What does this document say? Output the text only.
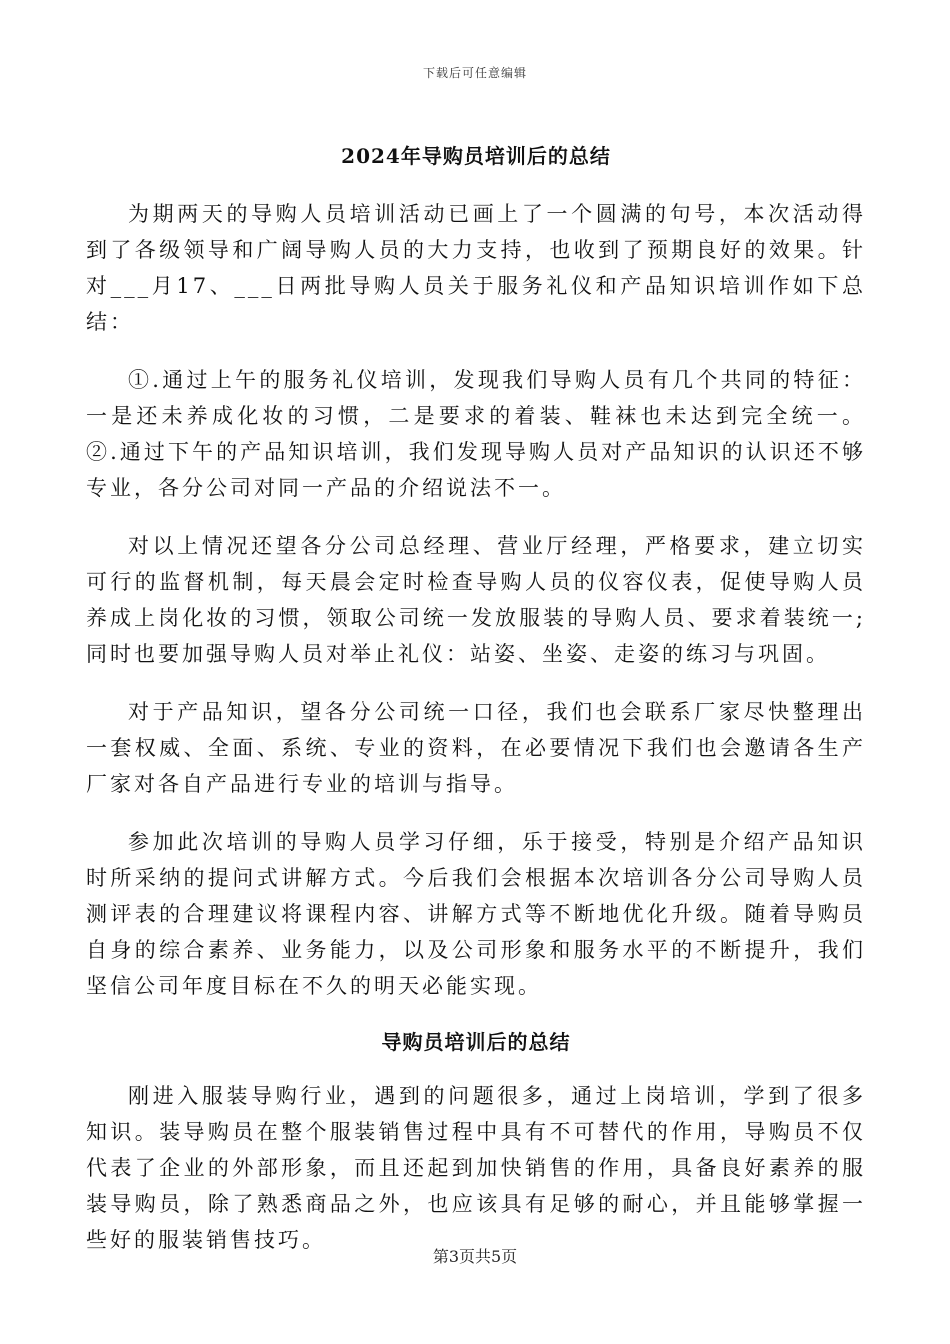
下载后可任意编辑
2024年导购员培训后的总结

为期两天的导购人员培训活动已画上了一个圆满的句号，本次活动得到了各级领导和广阔导购人员的大力支持，也收到了预期良好的效果。针对___月17、___日两批导购人员关于服务礼仪和产品知识培训作如下总结：

①.通过上午的服务礼仪培训，发现我们导购人员有几个共同的特征：一是还未养成化妆的习惯，二是要求的着装、鞋袜也未达到完全统一。 ②.通过下午的产品知识培训，我们发现导购人员对产品知识的认识还不够专业，各分公司对同一产品的介绍说法不一。

对以上情况还望各分公司总经理、营业厅经理，严格要求，建立切实可行的监督机制，每天晨会定时检查导购人员的仪容仪表，促使导购人员养成上岗化妆的习惯，领取公司统一发放服装的导购人员、要求着装统一;同时也要加强导购人员对举止礼仪：站姿、坐姿、走姿的练习与巩固。

对于产品知识，望各分公司统一口径，我们也会联系厂家尽快整理出一套权威、全面、系统、专业的资料，在必要情况下我们也会邀请各生产厂家对各自产品进行专业的培训与指导。

参加此次培训的导购人员学习仔细，乐于接受，特别是介绍产品知识时所采纳的提问式讲解方式。今后我们会根据本次培训各分公司导购人员测评表的合理建议将课程内容、讲解方式等不断地优化升级。随着导购员自身的综合素养、业务能力，以及公司形象和服务水平的不断提升，我们坚信公司年度目标在不久的明天必能实现。

导购员培训后的总结

刚进入服装导购行业，遇到的问题很多，通过上岗培训，学到了很多知识。装导购员在整个服装销售过程中具有不可替代的作用，导购员不仅代表了企业的外部形象，而且还起到加快销售的作用，具备良好素养的服装导购员，除了熟悉商品之外，也应该具有足够的耐心，并且能够掌握一些好的服装销售技巧。

第3页共5页
